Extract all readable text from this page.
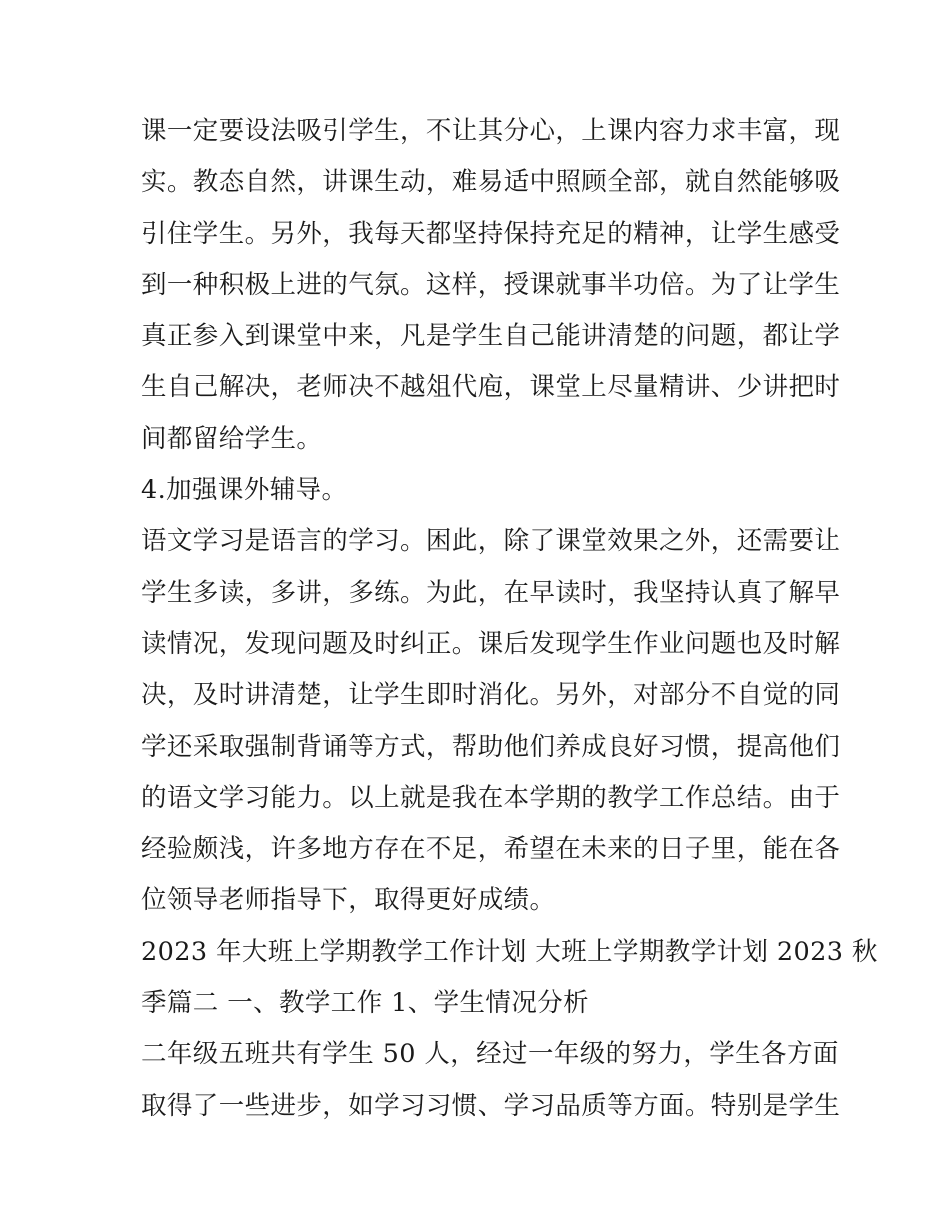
课一定要设法吸引学生，不让其分心，上课内容力求丰富，现
实。教态自然，讲课生动，难易适中照顾全部，就自然能够吸
引住学生。另外，我每天都坚持保持充足的精神，让学生感受
到一种积极上进的气氛。这样，授课就事半功倍。为了让学生
真正参入到课堂中来，凡是学生自己能讲清楚的问题，都让学
生自己解决，老师决不越俎代庖，课堂上尽量精讲、少讲把时
间都留给学生。
4.加强课外辅导。
语文学习是语言的学习。困此，除了课堂效果之外，还需要让
学生多读，多讲，多练。为此，在早读时，我坚持认真了解早
读情况，发现问题及时纠正。课后发现学生作业问题也及时解
决，及时讲清楚，让学生即时消化。另外，对部分不自觉的同
学还采取强制背诵等方式，帮助他们养成良好习惯，提高他们
的语文学习能力。以上就是我在本学期的教学工作总结。由于
经验颇浅，许多地方存在不足，希望在未来的日子里，能在各
位领导老师指导下，取得更好成绩。
2023 年大班上学期教学工作计划 大班上学期教学计划 2023 秋
季篇二 一、教学工作 1、学生情况分析
二年级五班共有学生 50 人，经过一年级的努力，学生各方面
取得了一些进步，如学习习惯、学习品质等方面。特别是学生
